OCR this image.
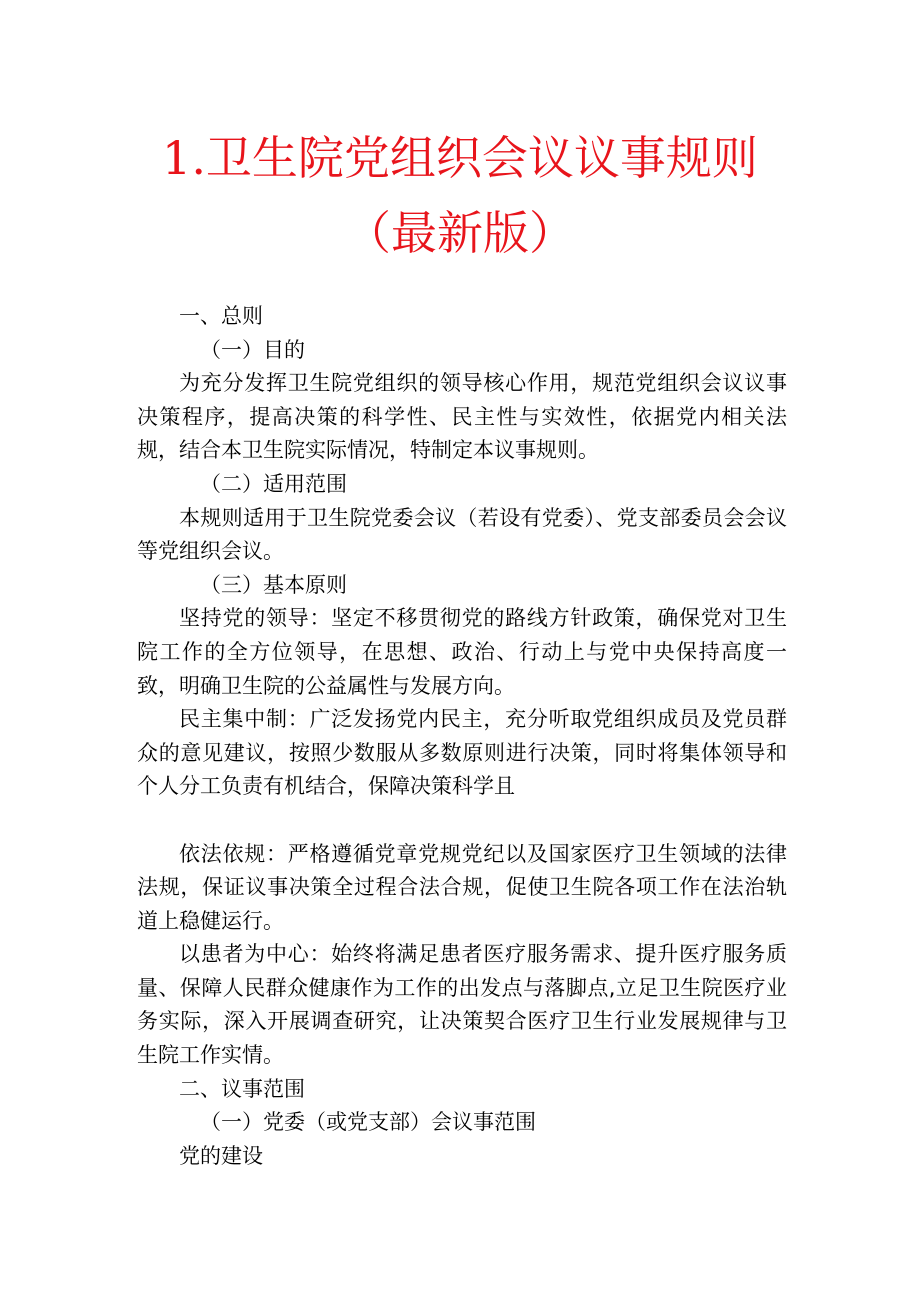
1.卫生院党组织会议议事规则
（最新版）

一、总则

（一）目的

为充分发挥卫生院党组织的领导核心作用，规范党组织会议议事决策程序，提高决策的科学性、民主性与实效性，依据党内相关法规，结合本卫生院实际情况，特制定本议事规则。

（二）适用范围

本规则适用于卫生院党委会议（若设有党委）、党支部委员会会议等党组织会议。

（三）基本原则

坚持党的领导：坚定不移贯彻党的路线方针政策，确保党对卫生院工作的全方位领导，在思想、政治、行动上与党中央保持高度一致，明确卫生院的公益属性与发展方向。

民主集中制：广泛发扬党内民主，充分听取党组织成员及党员群众的意见建议，按照少数服从多数原则进行决策，同时将集体领导和个人分工负责有机结合，保障决策科学且

依法依规：严格遵循党章党规党纪以及国家医疗卫生领域的法律法规，保证议事决策全过程合法合规，促使卫生院各项工作在法治轨道上稳健运行。

以患者为中心：始终将满足患者医疗服务需求、提升医疗服务质量、保障人民群众健康作为工作的出发点与落脚点,立足卫生院医疗业务实际，深入开展调查研究，让决策契合医疗卫生行业发展规律与卫生院工作实情。

二、议事范围

（一）党委（或党支部）会议事范围

党的建设
